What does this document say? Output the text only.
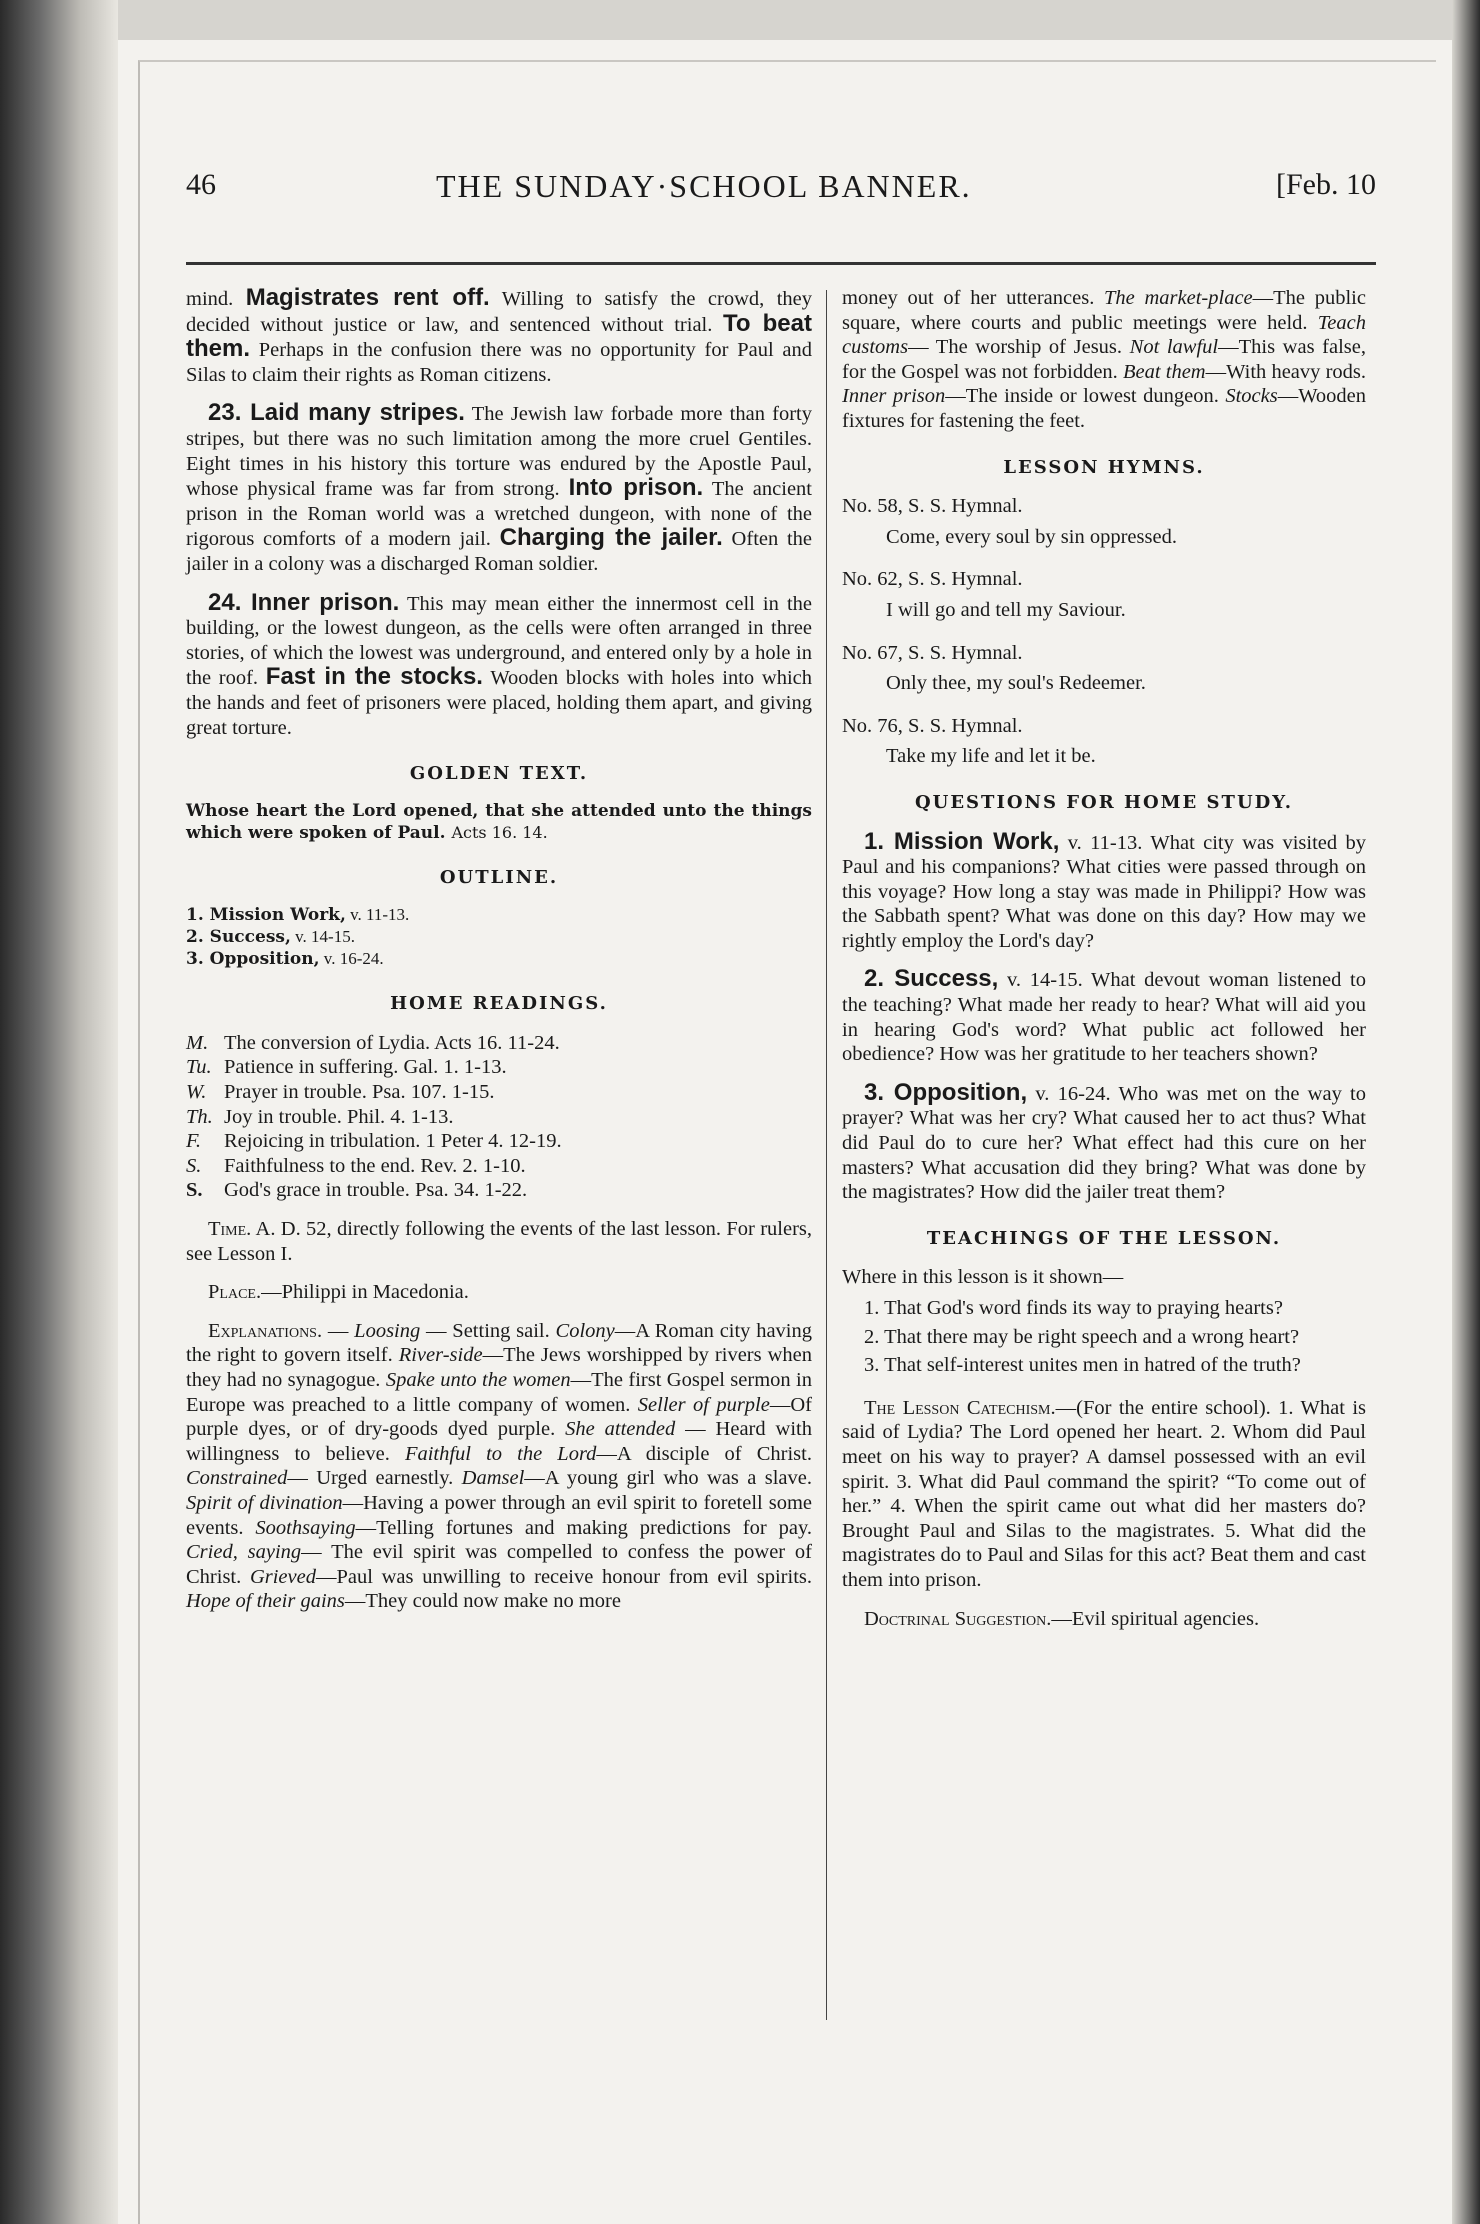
46	THE SUNDAY·SCHOOL BANNER.	[Feb. 10

mind. Magistrates rent off. Willing to satisfy the crowd, they decided without justice or law, and sentenced without trial. To beat them. Perhaps in the confusion there was no opportunity for Paul and Silas to claim their rights as Roman citizens.

23. Laid many stripes. The Jewish law forbade more than forty stripes, but there was no such limitation among the more cruel Gentiles. Eight times in his history this torture was endured by the Apostle Paul, whose physical frame was far from strong. Into prison. The ancient prison in the Roman world was a wretched dungeon, with none of the rigorous comforts of a modern jail. Charging the jailer. Often the jailer in a colony was a discharged Roman soldier.

24. Inner prison. This may mean either the innermost cell in the building, or the lowest dungeon, as the cells were often arranged in three stories, of which the lowest was underground, and entered only by a hole in the roof. Fast in the stocks. Wooden blocks with holes into which the hands and feet of prisoners were placed, holding them apart, and giving great torture.

GOLDEN TEXT.
Whose heart the Lord opened, that she attended unto the things which were spoken of Paul. Acts 16. 14.
OUTLINE.
1. Mission Work, v. 11-13.
2. Success, v. 14-15.
3. Opposition, v. 16-24.
HOME READINGS.
M. The conversion of Lydia. Acts 16. 11-24.
Tu. Patience in suffering. Gal. 1. 1-13.
W. Prayer in trouble. Psa. 107. 1-15.
Th. Joy in trouble. Phil. 4. 1-13.
F.	Rejoicing in tribulation. 1 Peter 4. 12-19.
S.	Faithfulness to the end. Rev. 2. 1-10.
S.	God's grace in trouble. Psa. 34. 1-22.

Time. A. D. 52, directly following the events of the last lesson. For rulers, see Lesson I.

Place.—Philippi in Macedonia.

Explanations. — Loosing — Setting sail. Colony—A Roman city having the right to govern itself. River-side—The Jews worshipped by rivers when they had no synagogue. Spake unto the women—The first Gospel sermon in Europe was preached to a little company of women. Seller of purple—Of purple dyes, or of dry-goods dyed purple. She attended — Heard with willingness to believe. Faithful to the Lord—A disciple of Christ. Constrained— Urged earnestly. Damsel—A young girl who was a slave. Spirit of divination—Having a power through an evil spirit to foretell some events. Soothsaying—Telling fortunes and making predictions for pay. Cried, saying— The evil spirit was compelled to confess the power of Christ. Grieved—Paul was unwilling to receive honour from evil spirits. Hope of their gains—They could now make no more

money out of her utterances. The market-place—The public square, where courts and public meetings were held. Teach customs— The worship of Jesus. Not lawful—This was false, for the Gospel was not forbidden. Beat them—With heavy rods. Inner prison—The inside or lowest dungeon. Stocks—Wooden fixtures for fastening the feet.

LESSON HYMNS.

No. 58, S. S. Hymnal.

Come, every soul by sin oppressed.

No. 62, S. S. Hymnal.

I will go and tell my Saviour.

No. 67, S. S. Hymnal.

Only thee, my soul's Redeemer.

No. 76, S. S. Hymnal.

Take my life and let it be.

QUESTIONS FOR HOME STUDY.

1. Mission Work, v. 11-13. What city was visited by Paul and his companions? What cities were passed through on this voyage? How long a stay was made in Philippi? How was the Sabbath spent? What was done on this day? How may we rightly employ the Lord's day?

2. Success, v. 14-15. What devout woman listened to the teaching? What made her ready to hear? What will aid you in hearing God's word? What public act followed her obedience? How was her gratitude to her teachers shown?

3. Opposition, v. 16-24. Who was met on the way to prayer? What was her cry? What caused her to act thus? What did Paul do to cure her? What effect had this cure on her masters? What accusation did they bring? What was done by the magistrates? How did the jailer treat them?

TEACHINGS OF THE LESSON.

Where in this lesson is it shown—

1. That God's word finds its way to praying hearts?

2. That there may be right speech and a wrong heart?

3. That self-interest unites men in hatred of the truth?

The Lesson Catechism.—(For the entire school). 1. What is said of Lydia? The Lord opened her heart. 2. Whom did Paul meet on his way to prayer? A damsel possessed with an evil spirit. 3. What did Paul command the spirit? “To come out of her.” 4. When the spirit came out what did her masters do? Brought Paul and Silas to the magistrates. 5. What did the magistrates do to Paul and Silas for this act? Beat them and cast them into prison.

Doctrinal Suggestion.—Evil spiritual agencies.
